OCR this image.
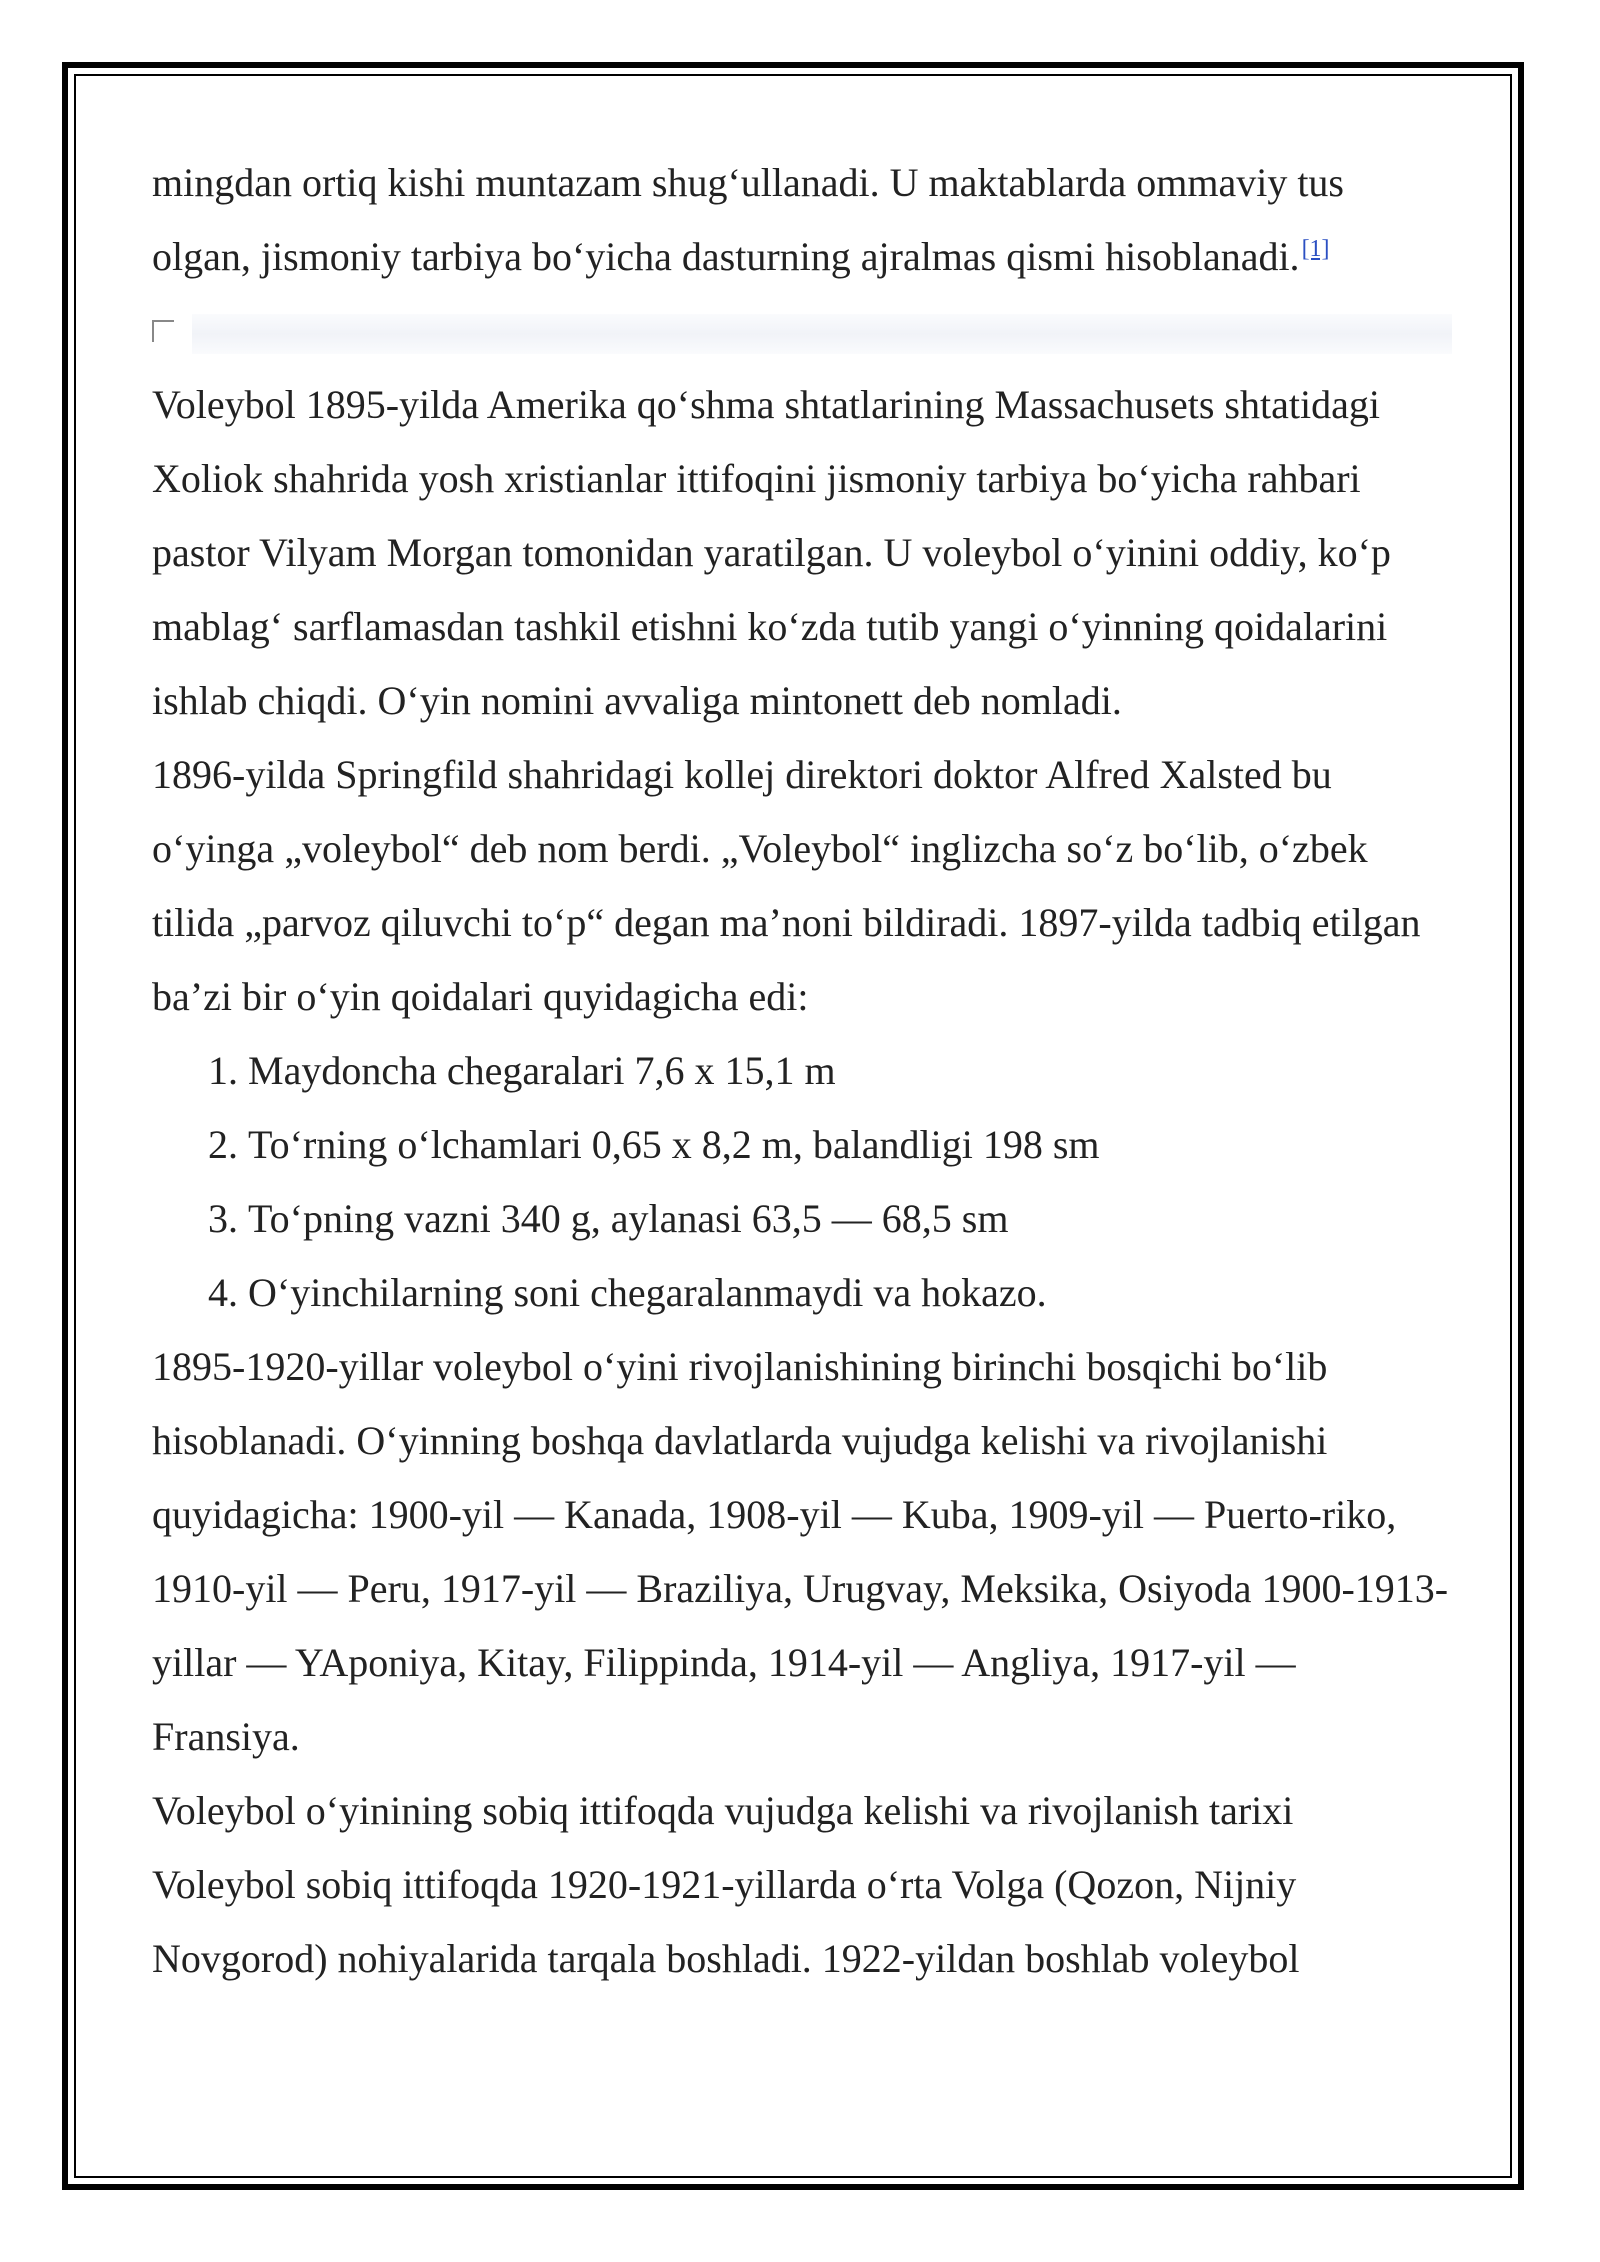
mingdan ortiq kishi muntazam shug‘ullanadi. U maktablarda ommaviy tus olgan, jismoniy tarbiya bo‘yicha dasturning ajralmas qismi hisoblanadi.[1]

Voleybol 1895-yilda Amerika qo‘shma shtatlarining Massachusets shtatidagi Xoliok shahrida yosh xristianlar ittifoqini jismoniy tarbiya bo‘yicha rahbari pastor Vilyam Morgan tomonidan yaratilgan. U voleybol o‘yinini oddiy, ko‘p mablag‘ sarflamasdan tashkil etishni ko‘zda tutib yangi o‘yinning qoidalarini ishlab chiqdi. O‘yin nomini avvaliga mintonett deb nomladi.

1896-yilda Springfild shahridagi kollej direktori doktor Alfred Xalsted bu o‘yinga „voleybol“ deb nom berdi. „Voleybol“ inglizcha so‘z bo‘lib, o‘zbek tilida „parvoz qiluvchi to‘p“ degan ma’noni bildiradi. 1897-yilda tadbiq etilgan ba’zi bir o‘yin qoidalari quyidagicha edi:

1. Maydoncha chegaralari 7,6 x 15,1 m
2. To‘rning o‘lchamlari 0,65 x 8,2 m, balandligi 198 sm
3. To‘pning vazni 340 g, aylanasi 63,5 — 68,5 sm
4. O‘yinchilarning soni chegaralanmaydi va hokazo.

1895-1920-yillar voleybol o‘yini rivojlanishining birinchi bosqichi bo‘lib hisoblanadi. O‘yinning boshqa davlatlarda vujudga kelishi va rivojlanishi quyidagicha: 1900-yil — Kanada, 1908-yil — Kuba, 1909-yil — Puerto-riko, 1910-yil — Peru, 1917-yil — Braziliya, Urugvay, Meksika, Osiyoda 1900-1913-yillar — YAponiya, Kitay, Filippinda, 1914-yil — Angliya, 1917-yil — Fransiya.

Voleybol o‘yinining sobiq ittifoqda vujudga kelishi va rivojlanish tarixi

Voleybol sobiq ittifoqda 1920-1921-yillarda o‘rta Volga (Qozon, Nijniy Novgorod) nohiyalarida tarqala boshladi. 1922-yildan boshlab voleybol
